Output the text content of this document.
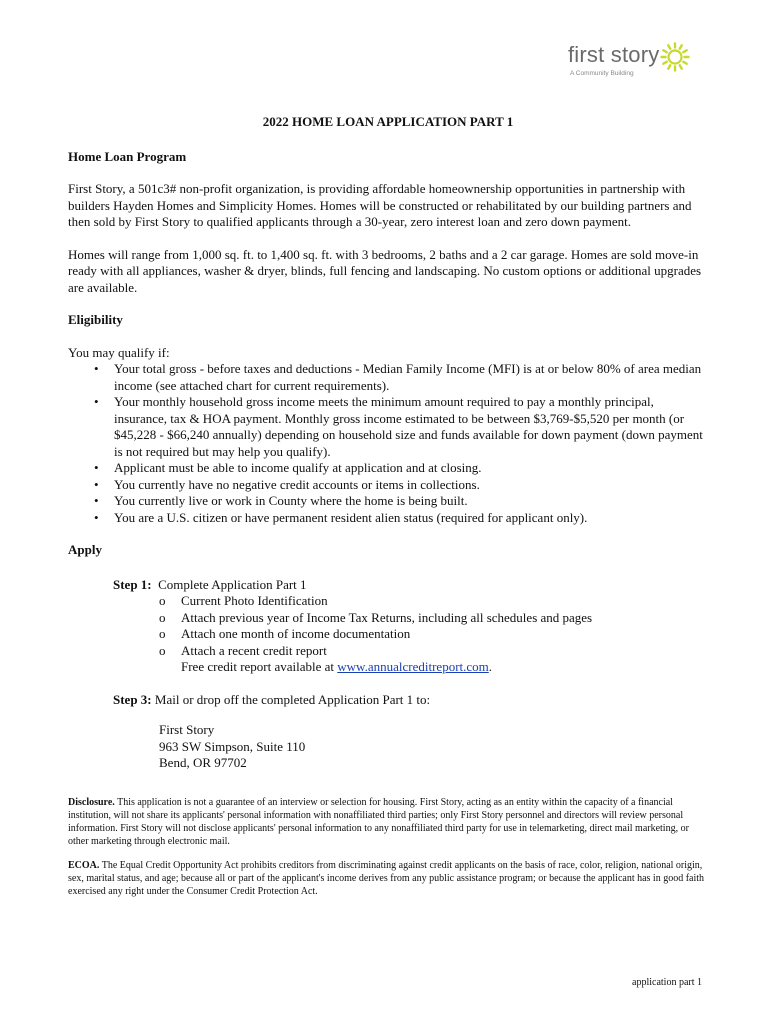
first story
A Community Building
2022 HOME LOAN APPLICATION PART 1
Home Loan Program

First Story, a 501c3# non-profit organization, is providing affordable homeownership opportunities in partnership with builders Hayden Homes and Simplicity Homes. Homes will be constructed or rehabilitated by our building partners and then sold by First Story to qualified applicants through a 30-year, zero interest loan and zero down payment.

Homes will range from 1,000 sq. ft. to 1,400 sq. ft. with 3 bedrooms, 2 baths and a 2 car garage. Homes are sold move-in ready with all appliances, washer & dryer, blinds, full fencing and landscaping. No custom options or additional upgrades are available.

Eligibility
You may qualify if:
• Your total gross - before taxes and deductions - Median Family Income (MFI) is at or below 80% of area median income (see attached chart for current requirements).
• Your monthly household gross income meets the minimum amount required to pay a monthly principal, insurance, tax & HOA payment. Monthly gross income estimated to be between $3,769-$5,520 per month (or $45,228 - $66,240 annually) depending on household size and funds available for down payment (down payment is not required but may help you qualify).
• Applicant must be able to income qualify at application and at closing.
• You currently have no negative credit accounts or items in collections.
• You currently live or work in County where the home is being built.
• You are a U.S. citizen or have permanent resident alien status (required for applicant only).
Apply
Step 1: Complete Application Part 1
o Current Photo Identification
o Attach previous year of Income Tax Returns, including all schedules and pages
o Attach one month of income documentation
o Attach a recent credit report
Free credit report available at www.annualcreditreport.com.
Step 3: Mail or drop off the completed Application Part 1 to:
First Story
963 SW Simpson, Suite 110
Bend, OR 97702
Disclosure. This application is not a guarantee of an interview or selection for housing. First Story, acting as an entity within the capacity of a financial institution, will not share its applicants' personal information with nonaffiliated third parties; only First Story personnel and directors will review personal information. First Story will not disclose applicants' personal information to any nonaffiliated third party for use in telemarketing, direct mail marketing, or other marketing through electronic mail.
ECOA. The Equal Credit Opportunity Act prohibits creditors from discriminating against credit applicants on the basis of race, color, religion, national origin, sex, marital status, and age; because all or part of the applicant's income derives from any public assistance program; or because the applicant has in good faith exercised any right under the Consumer Credit Protection Act.
application part 1
